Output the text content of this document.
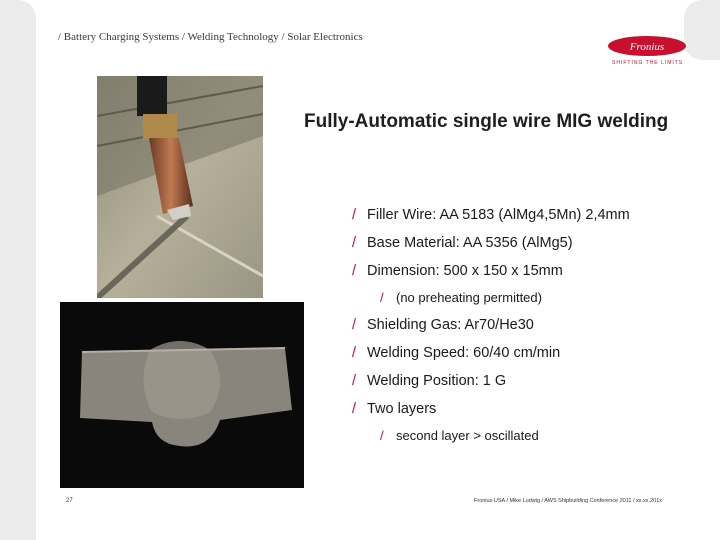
/ Battery Charging Systems / Welding Technology / Solar Electronics
Fronius
SHIFTING THE LIMITS
Fully-Automatic single wire MIG welding
/ Filler Wire: AA 5183 (AlMg4,5Mn) 2,4mm
/ Base Material: AA 5356 (AlMg5)
/ Dimension: 500 x 150 x 15mm
/ (no preheating permitted)
/ Shielding Gas: Ar70/He30
/ Welding Speed: 60/40 cm/min
/ Welding Position: 1 G
/ Two layers
/ second layer > oscillated
27	Fronius USA / Mike Ludwig / AWS Shipbuilding Conference 2011 / xx.xx.201x
